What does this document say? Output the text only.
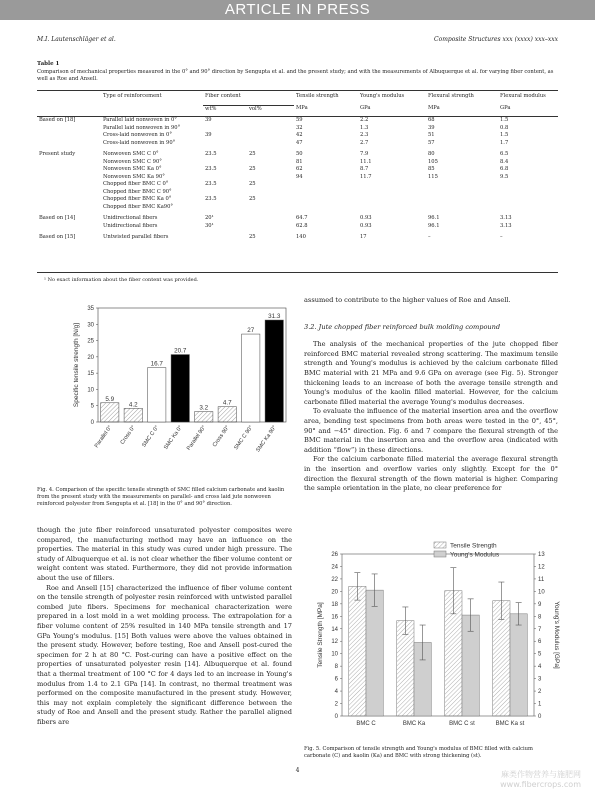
ARTICLE IN PRESS
M.I. Lautenschläger et al.	Composite Structures xxx (xxxx) xxx–xxx
Table 1
Comparison of mechanical properties measured in the 0° and 90° direction by Sengupta et al. and the present study; and with the measurements of Albuquerque et al. for varying fiber content, as well as Roe and Ansell.
	Type of reinforcement	Fiber content		Tensile strength	Young's modulus	Flexural strength	Flexural modulus
		wt%	vol%	MPa	GPa	MPa	GPa
Based on [18]	Parallel laid nonwoven in 0°	39		59	2.2	68	1.5
	Parallel laid nonwoven in 90°			32	1.3	39	0.8
	Cross-laid nonwoven in 0°	39		42	2.3	51	1.5
	Cross-laid nonwoven in 90°			47	2.7	57	1.7
Present study	Nonwoven SMC C 0°	23.5	25	50	7.9	80	6.5
	Nonwoven SMC C 90°			81	11.1	105	8.4
	Nonwoven SMC Ka 0°	23.5	25	62	8.7	85	6.8
	Nonwoven SMC Ka 90°			94	11.7	115	9.5
	Chopped fiber BMC C 0°	23.5	25				
	Chopped fiber BMC C 90°						
	Chopped fiber BMC Ka 0°	23.5	25				
	Chopped fiber BMC Ka90°						
Based on [14]	Unidirectional fibers	20¹		64.7	0.93	96.1	3.13
	Unidirectional fibers	30¹		62.8	0.93	96.1	3.13
Based on [15]	Untwisted parallel fibers		25	140	17	–	–
¹ No exact information about the fiber content was provided.
0
5
10
15
20
25
30
35
Specific tensile strength [N/g]	5.9
Parallel 0°
4.2
Cross 0°
16.7
SMC C 0°
20.7
SMC Ka 0°
3.2
Parallel 90°
4.7
Cross 90°
27
SMC C 90°
31.3
SMC Ka 90°
Fig. 4. Comparison of the specific tensile strength of SMC filled calcium carbonate and kaolin from the present study with the measurements on parallel- and cross laid jute nonwoven reinforced polyester from Sengupta et al. [18] in the 0° and 90° direction.

though the jute fiber reinforced unsaturated polyester composites were compared, the manufacturing method may have an influence on the properties. The material in this study was cured under high pressure. The study of Albuquerque et al. is not clear whether the fiber volume content or weight content was stated. Furthermore, they did not provide information about the use of fillers.

Roe and Ansell [15] characterized the influence of fiber volume content on the tensile strength of polyester resin reinforced with untwisted parallel combed jute fibers. Specimens for mechanical characterization were prepared in a lost mold in a wet molding process. The extrapolation for a fiber volume content of 25% resulted in 140 MPa tensile strength and 17 GPa Young's modulus. [15] Both values were above the values obtained in the present study. However, before testing, Roe and Ansell post-cured the specimen for 2 h at 80 °C. Post-curing can have a positive effect on the properties of unsaturated polyester resin [14]. Albuquerque et al. found that a thermal treatment of 100 °C for 4 days led to an increase in Young's modulus from 1.4 to 2.1 GPa [14]. In contrast, no thermal treatment was performed on the composite manufactured in the present study. However, this may not explain completely the significant difference between the study of Roe and Ansell and the present study. Rather the parallel aligned fibers are

assumed to contribute to the higher values of Roe and Ansell.

3.2. Jute chopped fiber reinforced bulk molding compound

The analysis of the mechanical properties of the jute chopped fiber reinforced BMC material revealed strong scattering. The maximum tensile strength and Young's modulus is achieved by the calcium carbonate filled BMC material with 21 MPa and 9.6 GPa on average (see Fig. 5). Stronger thickening leads to an increase of both the average tensile strength and Young's modulus of the kaolin filled material. However, for the calcium carbonate filled material the average Young's modulus decreases.

To evaluate the influence of the material insertion area and the overflow area, bending test specimens from both areas were tested in the 0°, 45°, 90° and −45° direction. Fig. 6 and 7 compare the flexural strength of the BMC material in the insertion area and the overflow area (indicated with addition “flow”) in these directions.

For the calcium carbonate filled material the average flexural strength in the insertion and overflow varies only slightly. Except for the 0° direction the flexural strength of the flown material is higher. Comparing the sample orientation in the plate, no clear preference for

0
2
4
6
8
10
12
14
16
18
20
22
24
26
0
1
2
3
4
5
6
7
8
9
10
11
12
13
Tensile Strength [MPa]	Young's Modulus [GPa]
BMC C	BMC Ka	BMC C st	BMC Ka st
Tensile Strength
Young's Modulus
Fig. 5. Comparison of tensile strength and Young's modulus of BMC filled with calcium carbonate (C) and kaolin (Ka) and BMC with strong thickening (st).
4	麻类作物营养与施肥网
www.fibercrops.com
